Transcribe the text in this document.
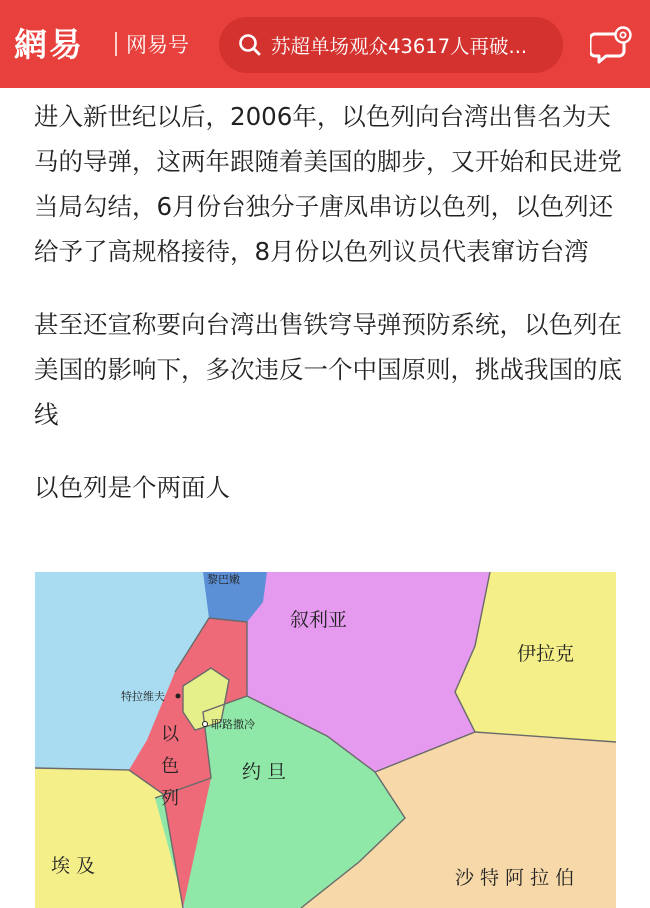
網易 网易号	苏超单场观众43617人再破...

进入新世纪以后，2006年，以色列向台湾出售名为天马的导弹，这两年跟随着美国的脚步，又开始和民进党当局勾结，6月份台独分子唐凤串访以色列，以色列还给予了高规格接待，8月份以色列议员代表窜访台湾

甚至还宣称要向台湾出售铁穹导弹预防系统，以色列在美国的影响下，多次违反一个中国原则，挑战我国的底线

以色列是个两面人

黎巴嫩
叙利亚
伊拉克
特拉维夫
耶路撒冷
以
色
列
约 旦
埃 及
沙 特 阿 拉 伯
